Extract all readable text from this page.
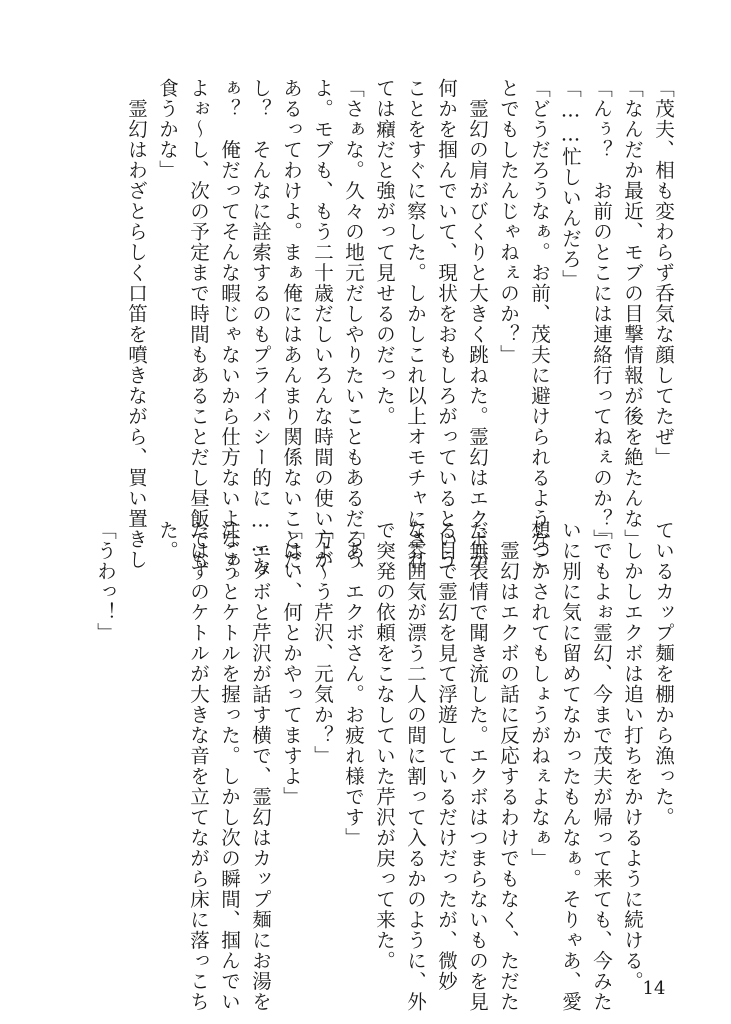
「茂夫、相も変わらず呑気な顔してたぜ」
「なんだか最近、モブの目撃情報が後を絶たんな」
「んぅ？　お前のとこには連絡行ってねぇのか？」
「……忙しいんだろ」
「どうだろうなぁ。お前、茂夫に避けられるようなこ
とでもしたんじゃねぇのか？」
　霊幻の肩がびくりと大きく跳ねた。霊幻はエクボが
何かを掴んでいて、現状をおもしろがっているという
ことをすぐに察した。しかしこれ以上オモチャにされ
ては癪だと強がって見せるのだった。
「さぁな。久々の地元だしやりたいこともあるだろう
よ。モブも、もう二十歳だしいろんな時間の使い方が
あるってわけよ。まぁ俺にはあんまり関係ないことだ
し？　そんなに詮索するのもプライバシー的に……な
ぁ？　俺だってそんな暇じゃないから仕方ないよなぁ。
よぉ〜し、次の予定まで時間もあることだし昼飯でも
食うかな」
　霊幻はわざとらしく口笛を噴きながら、買い置きし
ているカップ麺を棚から漁った。
　しかしエクボは追い打ちをかけるように続ける。
「でもよぉ霊幻、今まで茂夫が帰って来ても、今みた
いに別に気に留めてなかったもんなぁ。そりゃあ、愛
想つかされてもしょうがねぇよなぁ」
　霊幻はエクボの話に反応するわけでもなく、ただた
だ無表情で聞き流した。エクボはつまらないものを見
る目で霊幻を見て浮遊しているだけだったが、微妙
な雰囲気が漂う二人の間に割って入るかのように、外
で突発の依頼をこなしていた芹沢が戻って来た。
「あ、エクボさん。お疲れ様です」
「よ〜う芹沢、元気か？」
「はい、何とかやってますよ」
　エクボと芹沢が話す横で、霊幻はカップ麺にお湯を
注ごうとケトルを握った。しかし次の瞬間、掴んでい
たはずのケトルが大きな音を立てながら床に落っこち
た。

「うわっ！」
14
